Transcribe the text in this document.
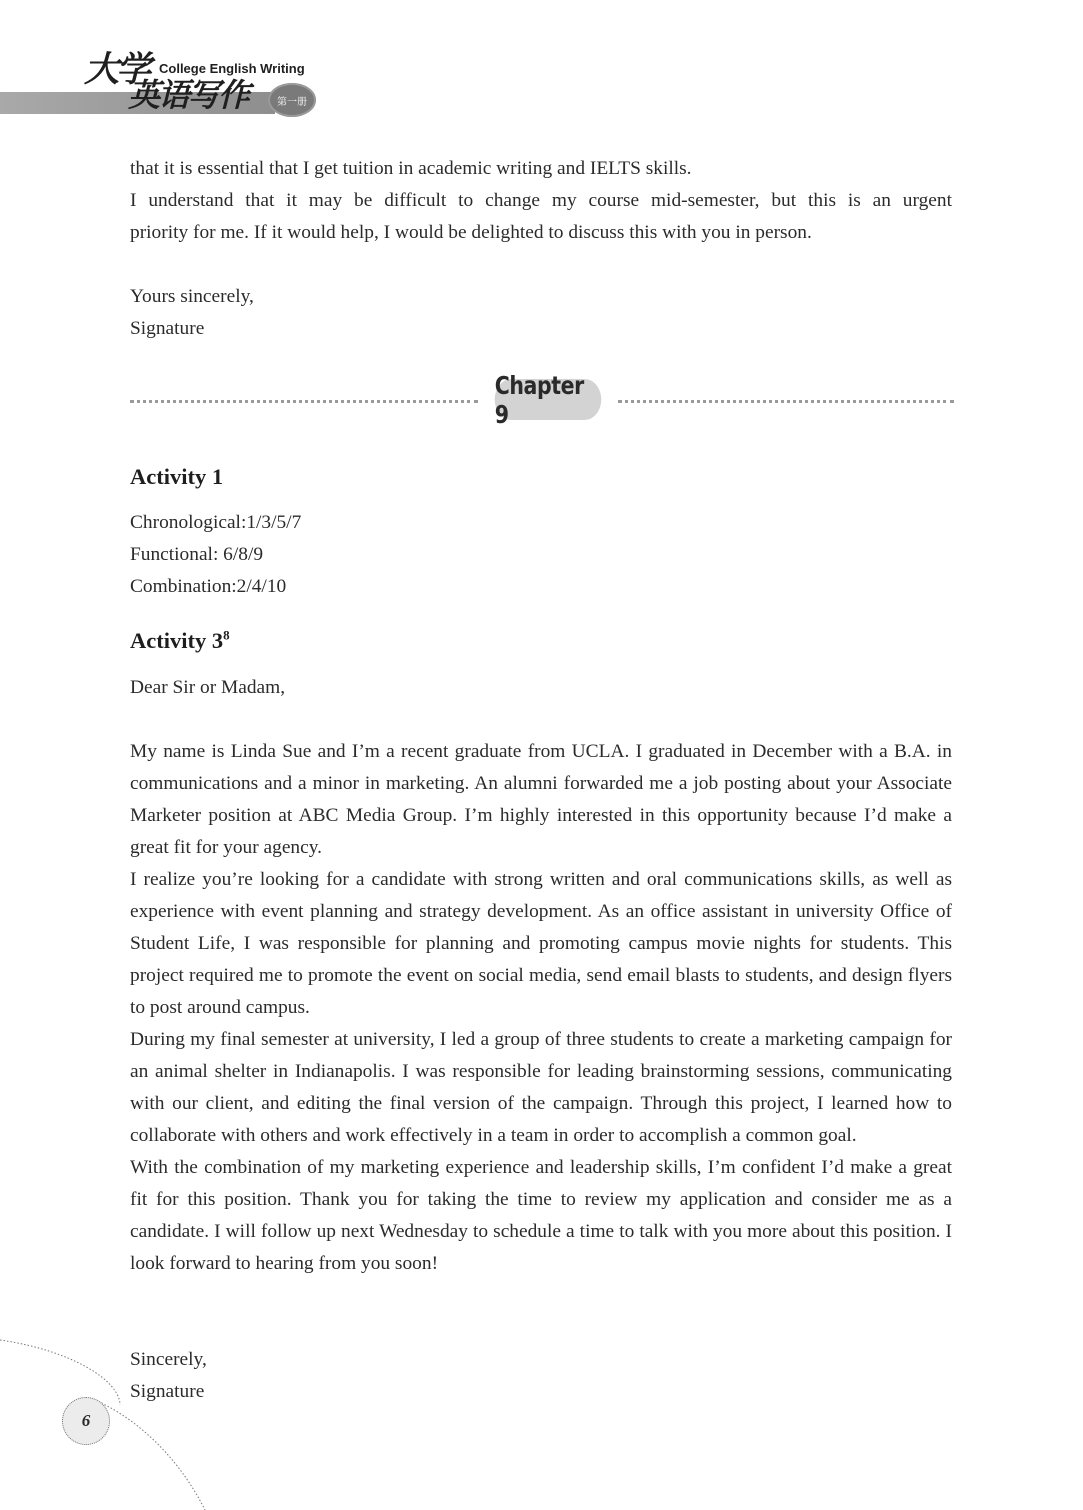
大学 College English Writing
英语写作	第一册
that it is essential that I get tuition in academic writing and IELTS skills.

I understand that it may be difficult to change my course mid-semester, but this is an urgent

priority for me. If it would help, I would be delighted to discuss this with you in person.
Yours sincerely,
Signature
Chapter 9
Activity 1
Chronological:1/3/5/7
Functional: 6/8/9
Combination:2/4/10
Activity $3^8$
Dear Sir or Madam,

My name is Linda Sue and I’m a recent graduate from UCLA. I graduated in December with a B.A. in communications and a minor in marketing. An alumni forwarded me a job posting about your Associate Marketer position at ABC Media Group. I’m highly interested in this opportunity because I’d make a great fit for your agency.

I realize you’re looking for a candidate with strong written and oral communications skills, as well as experience with event planning and strategy development. As an office assistant in university Office of Student Life, I was responsible for planning and promoting campus movie nights for students. This project required me to promote the event on social media, send email blasts to students, and design flyers to post around campus.

During my final semester at university, I led a group of three students to create a marketing campaign for an animal shelter in Indianapolis. I was responsible for leading brainstorming sessions, communicating with our client, and editing the final version of the campaign. Through this project, I learned how to collaborate with others and work effectively in a team in order to accomplish a common goal.

With the combination of my marketing experience and leadership skills, I’m confident I’d make a great fit for this position. Thank you for taking the time to review my application and consider me as a candidate. I will follow up next Wednesday to schedule a time to talk with you more about this position. I look forward to hearing from you soon!

Sincerely,
Signature
6
